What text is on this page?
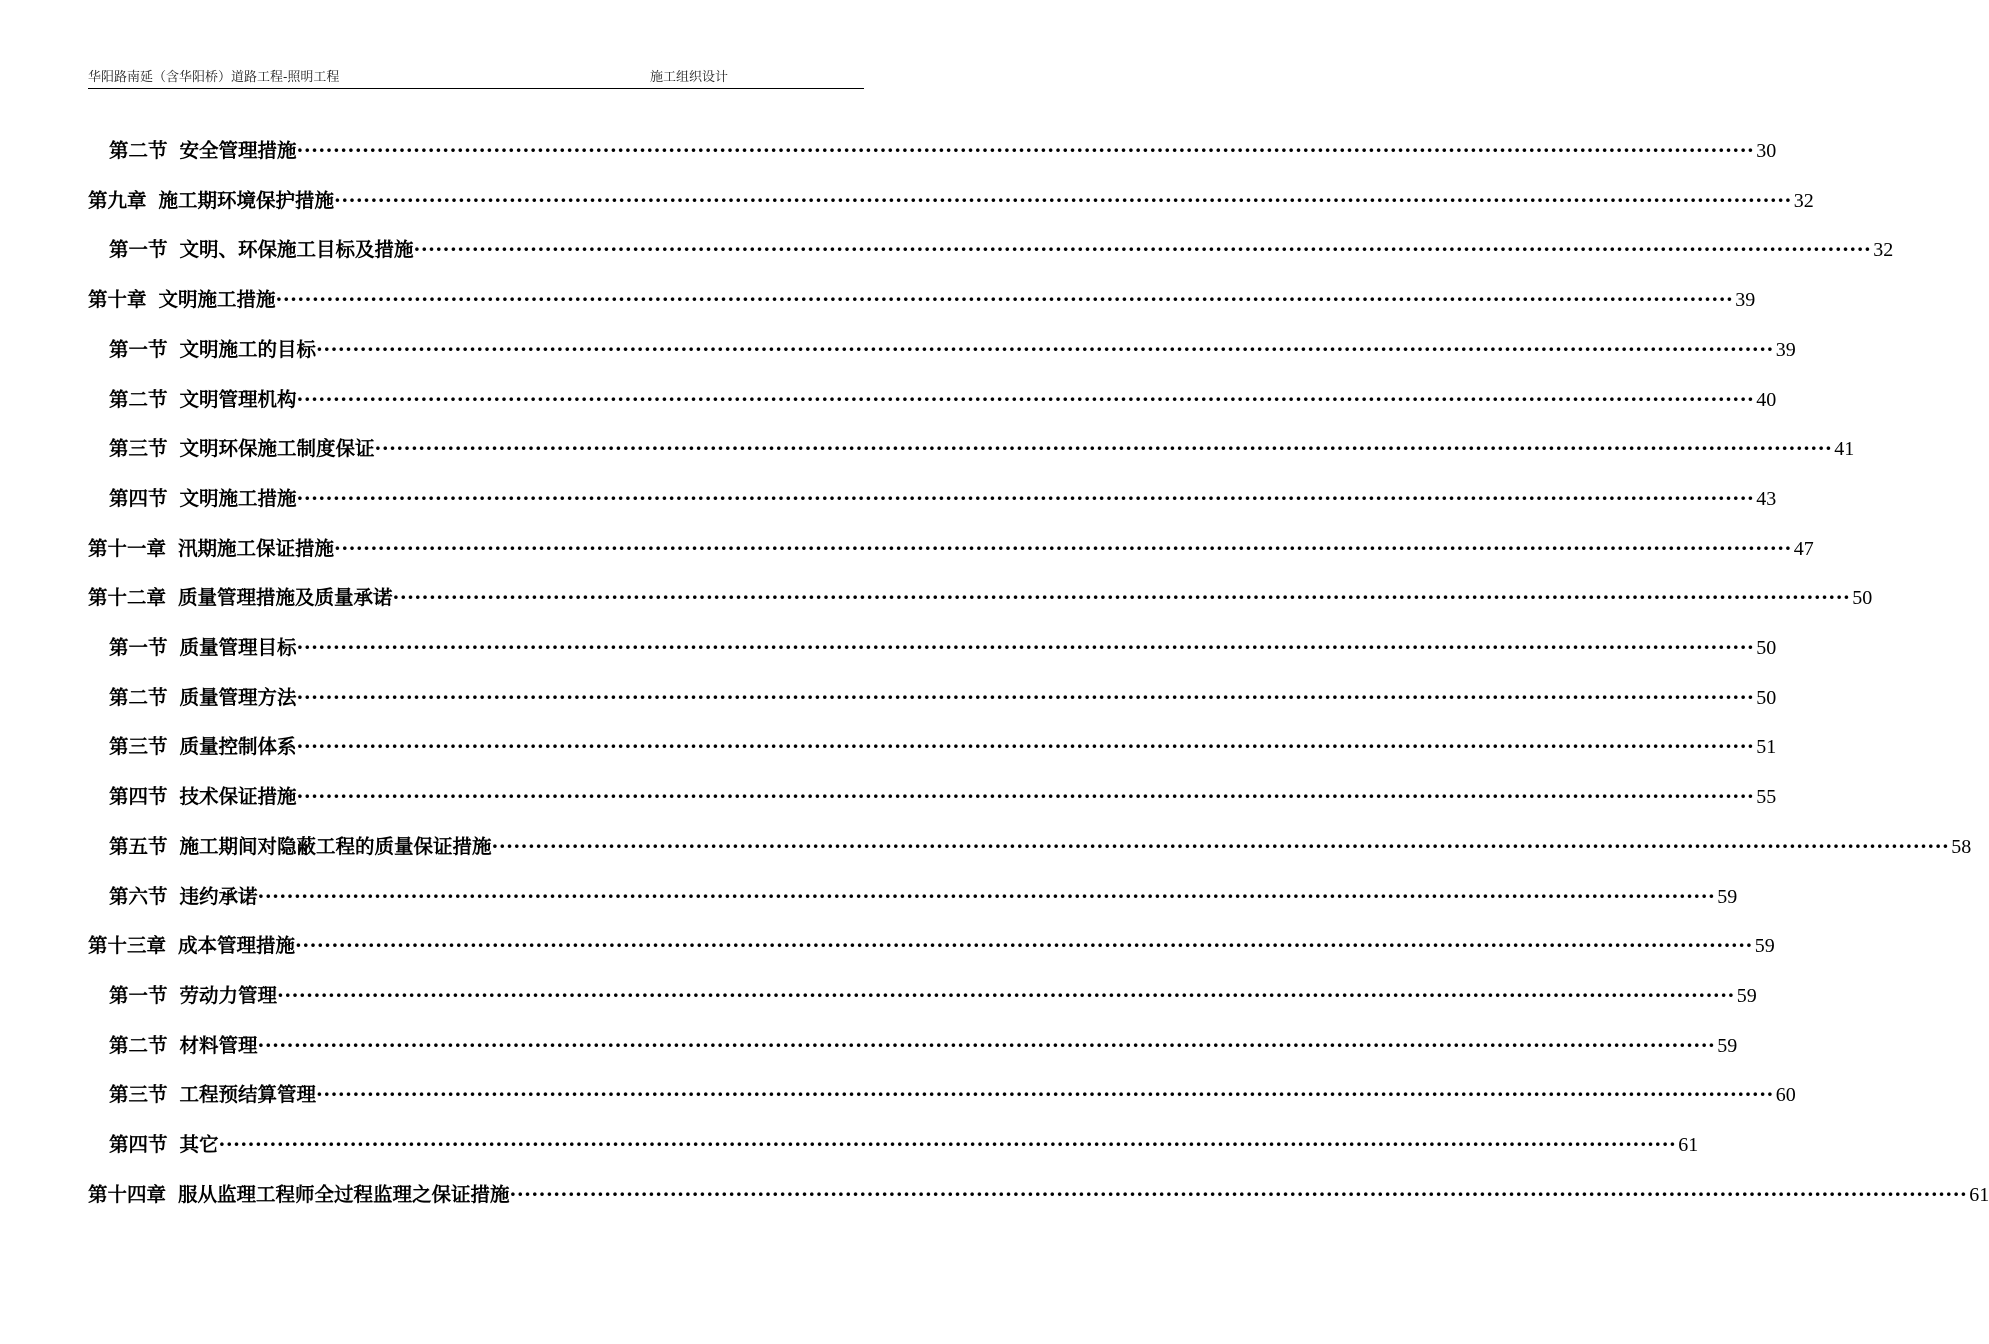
华阳路南延（含华阳桥）道路工程-照明工程	施工组织设计
第二节 安全管理措施 ········································································································································································································ 30
第九章 施工期环境保护措施 ········································································································································································································ 32
第一节 文明、环保施工目标及措施 ········································································································································································································ 32
第十章 文明施工措施 ········································································································································································································ 39
第一节 文明施工的目标 ········································································································································································································ 39
第二节 文明管理机构 ········································································································································································································ 40
第三节 文明环保施工制度保证 ········································································································································································································ 41
第四节 文明施工措施 ········································································································································································································ 43
第十一章 汛期施工保证措施 ········································································································································································································ 47
第十二章 质量管理措施及质量承诺 ········································································································································································································ 50
第一节 质量管理目标 ········································································································································································································ 50
第二节 质量管理方法 ········································································································································································································ 50
第三节 质量控制体系 ········································································································································································································ 51
第四节 技术保证措施 ········································································································································································································ 55
第五节 施工期间对隐蔽工程的质量保证措施 ········································································································································································································ 58
第六节 违约承诺 ········································································································································································································ 59
第十三章 成本管理措施 ········································································································································································································ 59
第一节 劳动力管理 ········································································································································································································ 59
第二节 材料管理 ········································································································································································································ 59
第三节 工程预结算管理 ········································································································································································································ 60
第四节 其它 ········································································································································································································ 61
第十四章 服从监理工程师全过程监理之保证措施 ········································································································································································································ 61
